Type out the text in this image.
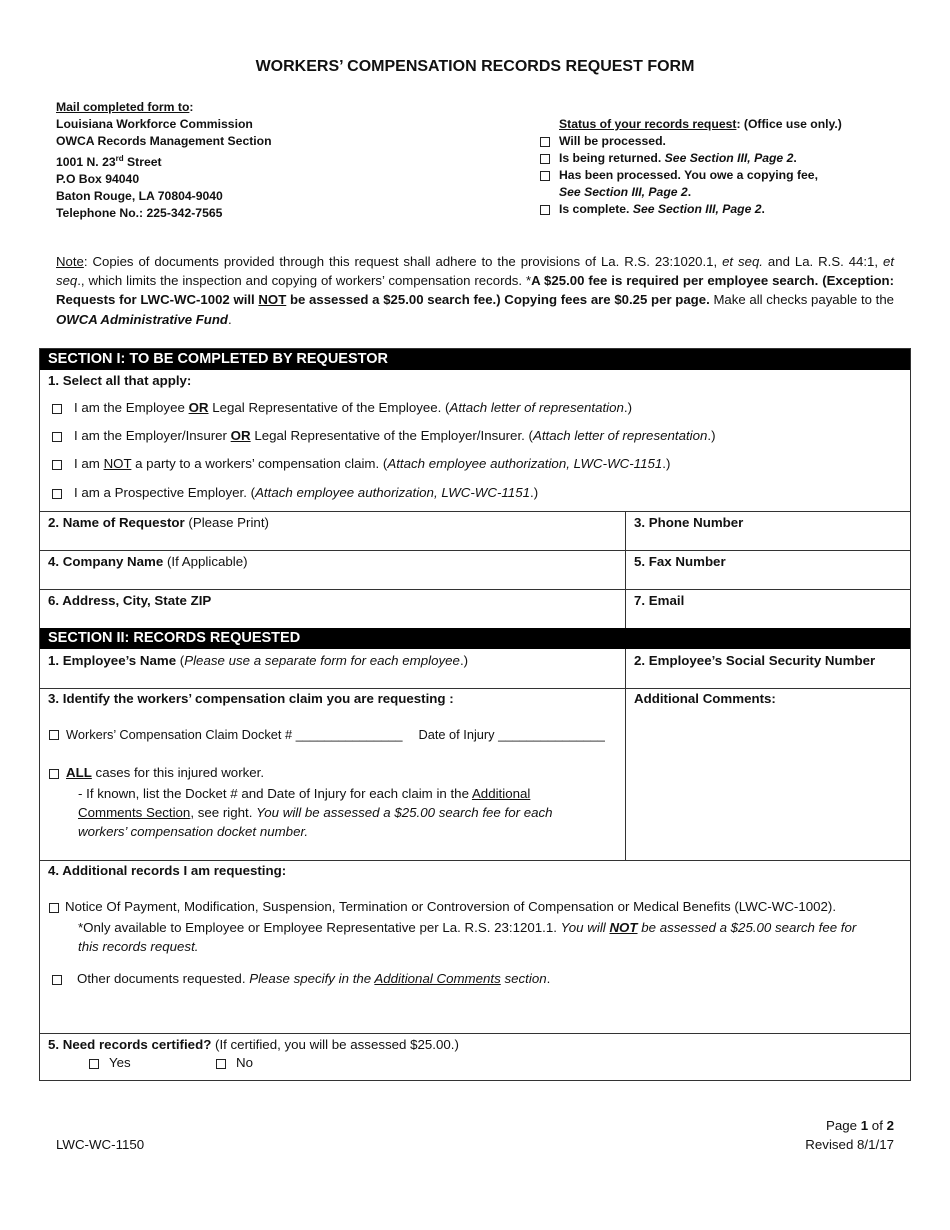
WORKERS’ COMPENSATION RECORDS REQUEST FORM
Mail completed form to:
Louisiana Workforce Commission
OWCA Records Management Section
1001 N. 23rd Street
P.O Box 94040
Baton Rouge, LA 70804-9040
Telephone No.: 225-342-7565
Status of your records request: (Office use only.)
Will be processed.
Is being returned. See Section III, Page 2.
Has been processed. You owe a copying fee,
See Section III, Page 2.
Is complete. See Section III, Page 2.
Note: Copies of documents provided through this request shall adhere to the provisions of La. R.S. 23:1020.1, et seq. and La. R.S. 44:1, et seq., which limits the inspection and copying of workers’ compensation records. *A $25.00 fee is required per employee search. (Exception: Requests for LWC-WC-1002 will NOT be assessed a $25.00 search fee.) Copying fees are $0.25 per page. Make all checks payable to the OWCA Administrative Fund.
SECTION I: TO BE COMPLETED BY REQUESTOR
1. Select all that apply:
I am the Employee OR Legal Representative of the Employee. (Attach letter of representation.)
I am the Employer/Insurer OR Legal Representative of the Employer/Insurer. (Attach letter of representation.)
I am NOT a party to a workers’ compensation claim. (Attach employee authorization, LWC-WC-1151.)
I am a Prospective Employer. (Attach employee authorization, LWC-WC-1151.)
2. Name of Requestor (Please Print)	3. Phone Number
4. Company Name (If Applicable)	5. Fax Number
6. Address, City, State ZIP	7. Email
SECTION II: RECORDS REQUESTED
1. Employee’s Name (Please use a separate form for each employee.)	2. Employee’s Social Security Number
3. Identify the workers’ compensation claim you are requesting :	Additional Comments:
Workers’ Compensation Claim Docket # _______________ Date of Injury _______________
ALL cases for this injured worker.
- If known, list the Docket # and Date of Injury for each claim in the Additional
Comments Section, see right. You will be assessed a $25.00 search fee for each
workers’ compensation docket number.
4. Additional records I am requesting:
Notice Of Payment, Modification, Suspension, Termination or Controversion of Compensation or Medical Benefits (LWC-WC-1002).
*Only available to Employee or Employee Representative per La. R.S. 23:1201.1. You will NOT be assessed a $25.00 search fee for
this records request.
Other documents requested. Please specify in the Additional Comments section.
5. Need records certified? (If certified, you will be assessed $25.00.)
Yes	No
Page 1 of 2
LWC-WC-1150	Revised 8/1/17
